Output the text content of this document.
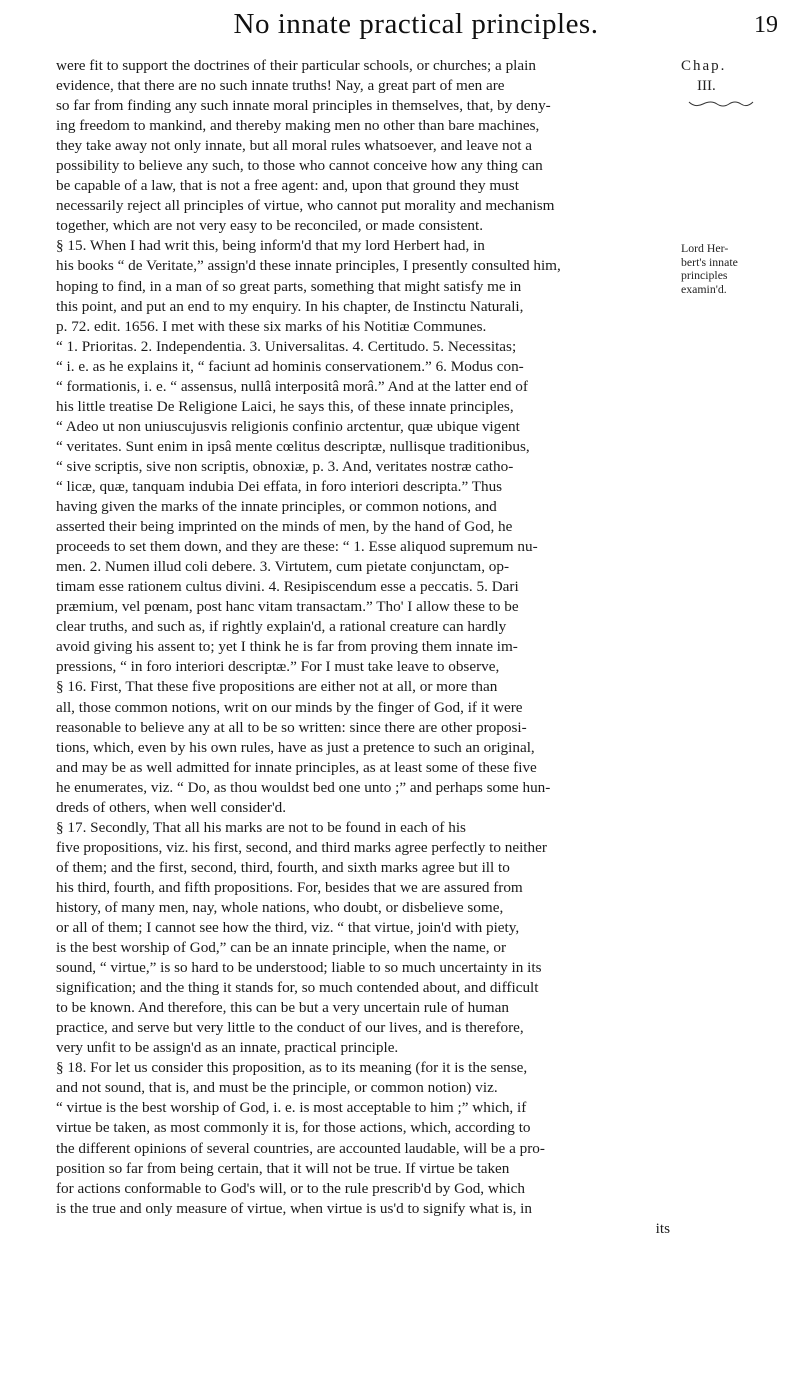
No innate practical principles.	19
Chap.
III.
Lord Her-
bert's innate
principles
examin'd.
were fit to support the doctrines of their particular schools, or churches; a plain
evidence, that there are no such innate truths! Nay, a great part of men are
so far from finding any such innate moral principles in themselves, that, by deny-
ing freedom to mankind, and thereby making men no other than bare machines,
they take away not only innate, but all moral rules whatsoever, and leave not a
possibility to believe any such, to those who cannot conceive how any thing can
be capable of a law, that is not a free agent: and, upon that ground they must
necessarily reject all principles of virtue, who cannot put morality and mechanism
together, which are not very easy to be reconciled, or made consistent.
§ 15. When I had writ this, being inform'd that my lord Herbert had, in
his books “ de Veritate,” assign'd these innate principles, I presently consulted him,
hoping to find, in a man of so great parts, something that might satisfy me in
this point, and put an end to my enquiry. In his chapter, de Instinctu Naturali,
p. 72. edit. 1656. I met with these six marks of his Notitiæ Communes.
“ 1. Prioritas. 2. Independentia. 3. Universalitas. 4. Certitudo. 5. Necessitas;
“ i. e. as he explains it, “ faciunt ad hominis conservationem.” 6. Modus con-
“ formationis, i. e. “ assensus, nullâ interpositâ morâ.” And at the latter end of
his little treatise De Religione Laici, he says this, of these innate principles,
“ Adeo ut non uniuscujusvis religionis confinio arctentur, quæ ubique vigent
“ veritates. Sunt enim in ipsâ mente cœlitus descriptæ, nullisque traditionibus,
“ sive scriptis, sive non scriptis, obnoxiæ, p. 3. And, veritates nostræ catho-
“ licæ, quæ, tanquam indubia Dei effata, in foro interiori descripta.” Thus
having given the marks of the innate principles, or common notions, and
asserted their being imprinted on the minds of men, by the hand of God, he
proceeds to set them down, and they are these: “ 1. Esse aliquod supremum nu-
men. 2. Numen illud coli debere. 3. Virtutem, cum pietate conjunctam, op-
timam esse rationem cultus divini. 4. Resipiscendum esse a peccatis. 5. Dari
præmium, vel pœnam, post hanc vitam transactam.” Tho' I allow these to be
clear truths, and such as, if rightly explain'd, a rational creature can hardly
avoid giving his assent to; yet I think he is far from proving them innate im-
pressions, “ in foro interiori descriptæ.” For I must take leave to observe,
§ 16. First, That these five propositions are either not at all, or more than
all, those common notions, writ on our minds by the finger of God, if it were
reasonable to believe any at all to be so written: since there are other proposi-
tions, which, even by his own rules, have as just a pretence to such an original,
and may be as well admitted for innate principles, as at least some of these five
he enumerates, viz. “ Do, as thou wouldst bed one unto ;” and perhaps some hun-
dreds of others, when well consider'd.
§ 17. Secondly, That all his marks are not to be found in each of his
five propositions, viz. his first, second, and third marks agree perfectly to neither
of them; and the first, second, third, fourth, and sixth marks agree but ill to
his third, fourth, and fifth propositions. For, besides that we are assured from
history, of many men, nay, whole nations, who doubt, or disbelieve some,
or all of them; I cannot see how the third, viz. “ that virtue, join'd with piety,
is the best worship of God,” can be an innate principle, when the name, or
sound, “ virtue,” is so hard to be understood; liable to so much uncertainty in its
signification; and the thing it stands for, so much contended about, and difficult
to be known. And therefore, this can be but a very uncertain rule of human
practice, and serve but very little to the conduct of our lives, and is therefore,
very unfit to be assign'd as an innate, practical principle.
§ 18. For let us consider this proposition, as to its meaning (for it is the sense,
and not sound, that is, and must be the principle, or common notion) viz.
“ virtue is the best worship of God, i. e. is most acceptable to him ;” which, if
virtue be taken, as most commonly it is, for those actions, which, according to
the different opinions of several countries, are accounted laudable, will be a pro-
position so far from being certain, that it will not be true. If virtue be taken
for actions conformable to God's will, or to the rule prescrib'd by God, which
is the true and only measure of virtue, when virtue is us'd to signify what is, in
its
